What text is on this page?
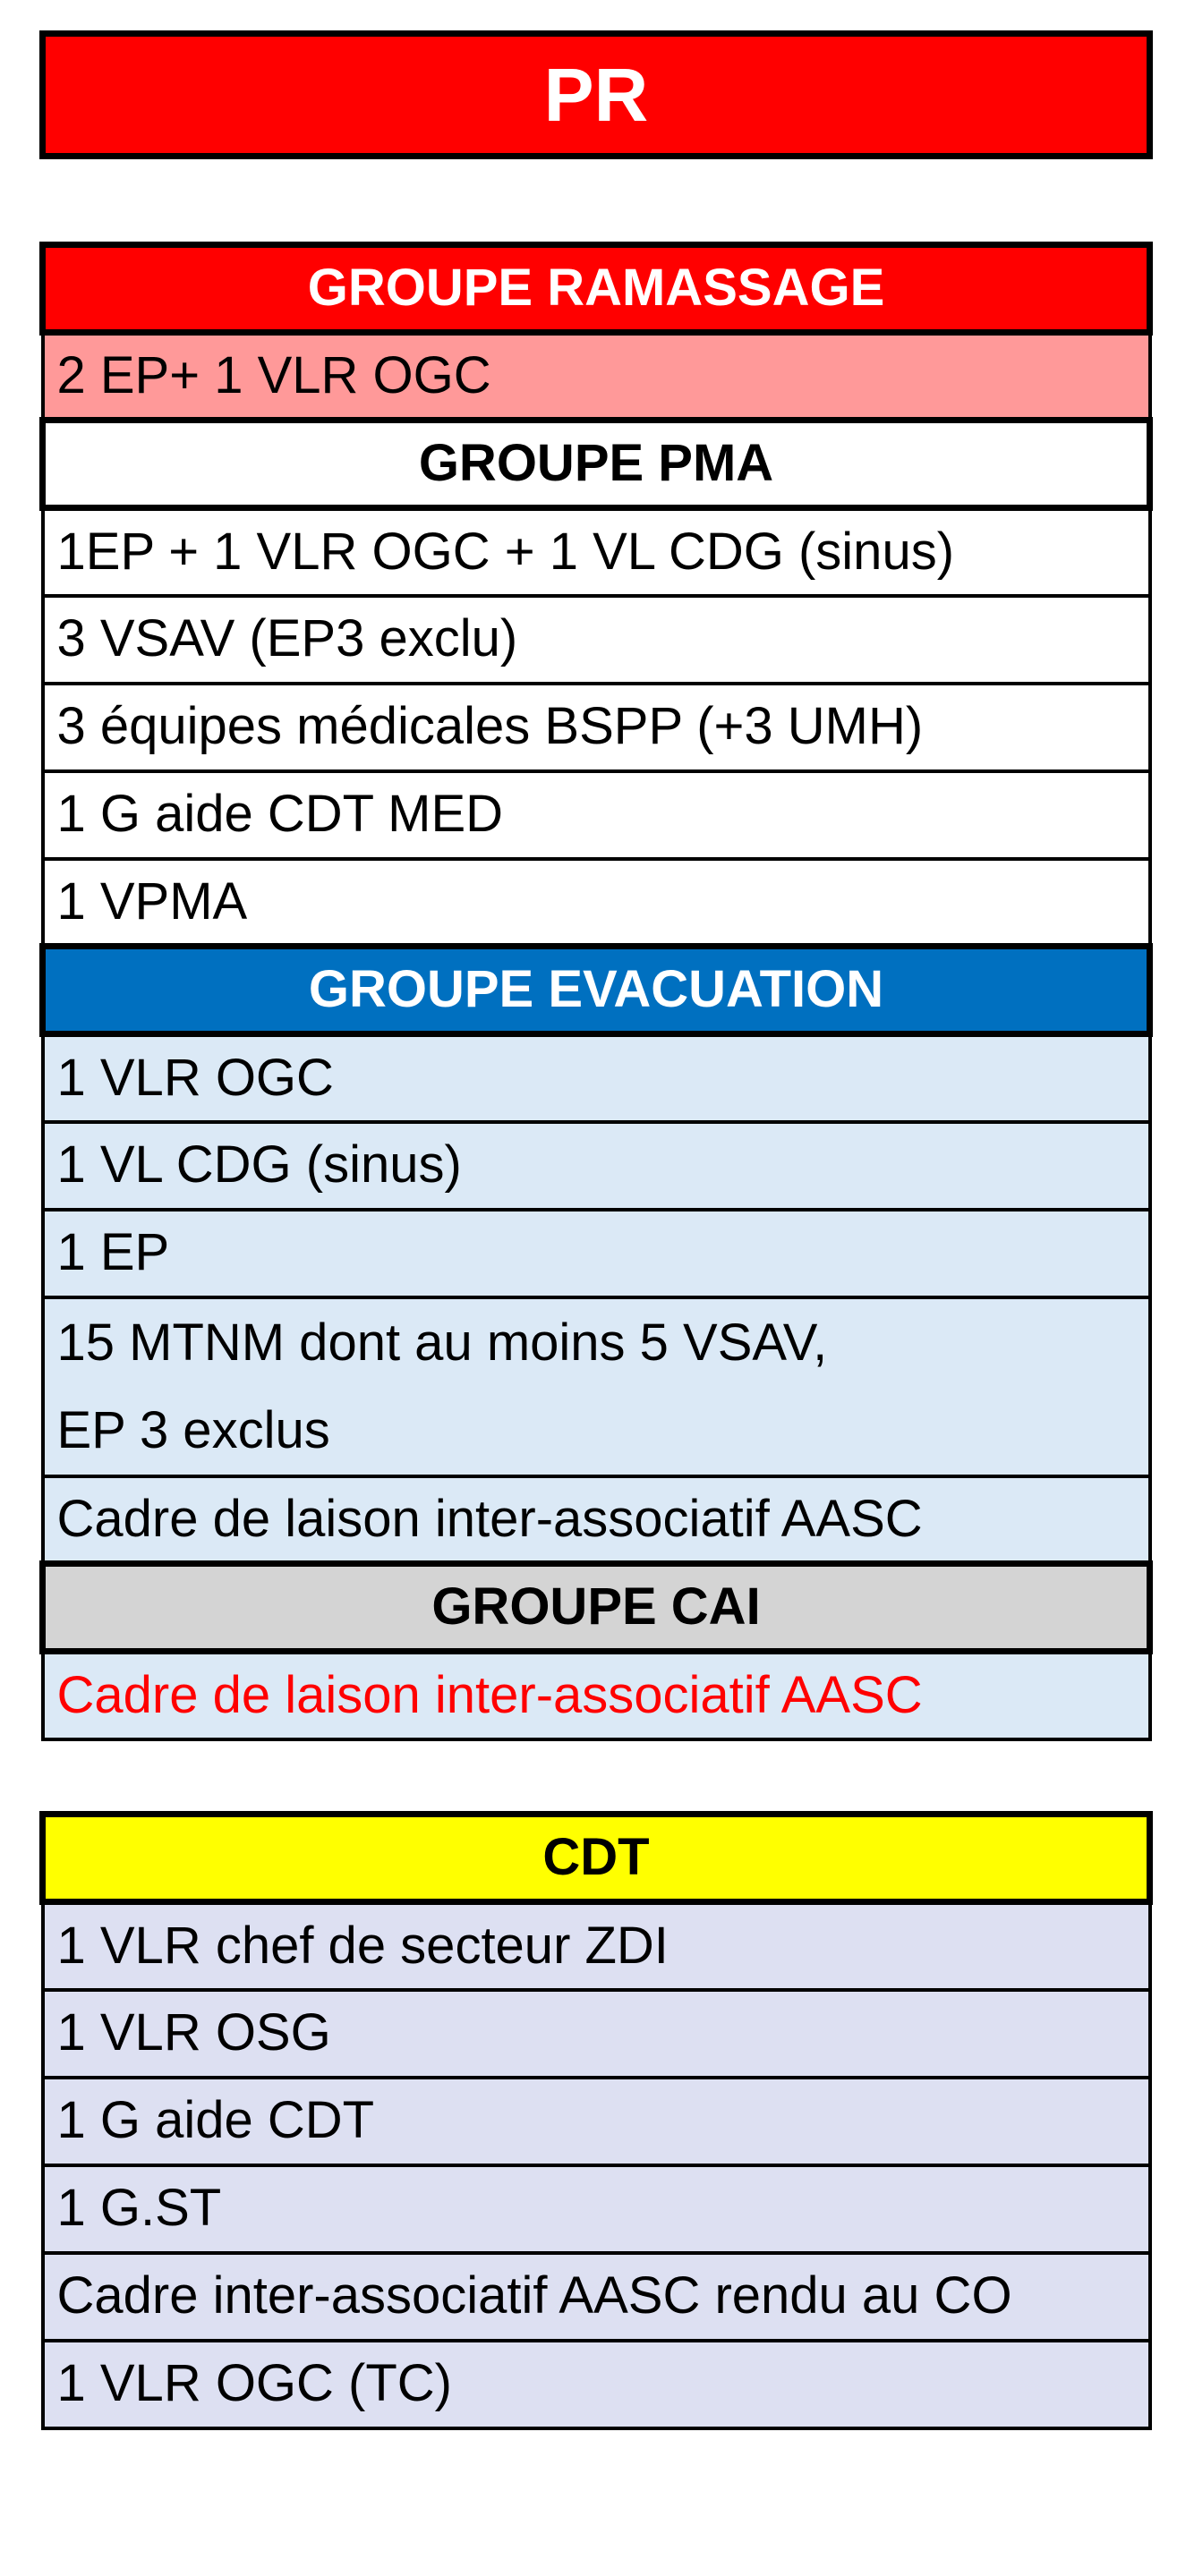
PR
GROUPE RAMASSAGE
2 EP+ 1 VLR OGC
GROUPE PMA
1EP + 1 VLR OGC + 1 VL CDG (sinus)
3 VSAV (EP3 exclu)
3 équipes médicales BSPP (+3 UMH)
1 G aide CDT MED
1 VPMA
GROUPE EVACUATION
1 VLR OGC
1 VL CDG (sinus)
1 EP
15 MTNM dont au moins 5 VSAV,
EP 3 exclus
Cadre de laison inter-associatif AASC
GROUPE CAI
Cadre de laison inter-associatif AASC
CDT
1 VLR chef de secteur ZDI
1 VLR OSG
1 G aide CDT
1 G.ST
Cadre inter-associatif AASC rendu au CO
1 VLR OGC (TC)
